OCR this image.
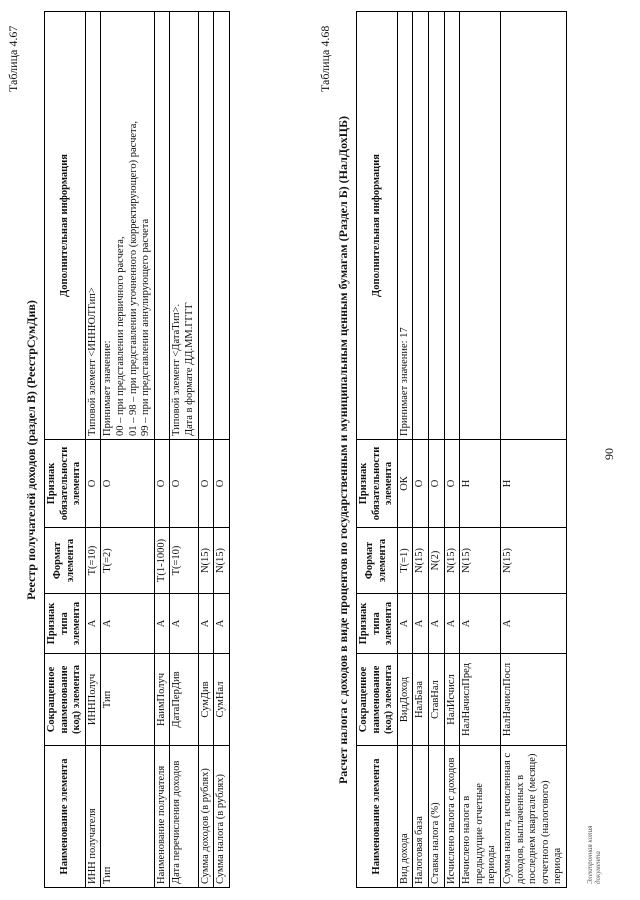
90
Таблица 4.67
Реестр получателей доходов (раздел В) (РеестрСумДив)
Наименование элемента	Сокращенное наименование (код) элемента	Признак типа элемента	Формат элемента	Признак обязательности элемента	Дополнительная информация
ИНН получателя	ИННПолуч	А	T(=10)	О	Типовой элемент <ИННЮЛТип>
Тип	Тип	А	T(=2)	О	Принимает значение:
00 – при представлении первичного расчета,
01 – 98 – при представлении уточненного (корректирующего) расчета,
99 – при представлении аннулирующего расчета
Наименование получателя	НаимПолуч	А	T(1-1000)	О	
Дата перечисления доходов	ДатаПерДив	А	T(=10)	О	Типовой элемент <ДатаТип>.
Дата в формате ДД.ММ.ГГГГ
Сумма доходов (в рублях)	СумДив	А	N(15)	О	
Сумма налога (в рублях)	СумНал	А	N(15)	О	
Таблица 4.68
Расчет налога с доходов в виде процентов по государственным и муниципальным ценным бумагам (Раздел Б) (НалДохЦБ)
Наименование элемента	Сокращенное наименование (код) элемента	Признак типа элемента	Формат элемента	Признак обязательности элемента	Дополнительная информация
Вид дохода	ВидДоход	А	T(=1)	ОК	Принимает значение: 17
Налоговая база	НалБаза	А	N(15)	О	
Ставка налога (%)	СтавНал	А	N(2)	О	
Исчислено налога с доходов	НалИсчисл	А	N(15)	О	
Начислено налога в предыдущие отчетные периоды	НалНачислПред	А	N(15)	Н	
Сумма налога, исчисленная с доходов, выплаченных в последнем квартале (месяце) отчетного (налогового) периода	НалНачислПосл	А	N(15)	Н	
Электронная копия документа
